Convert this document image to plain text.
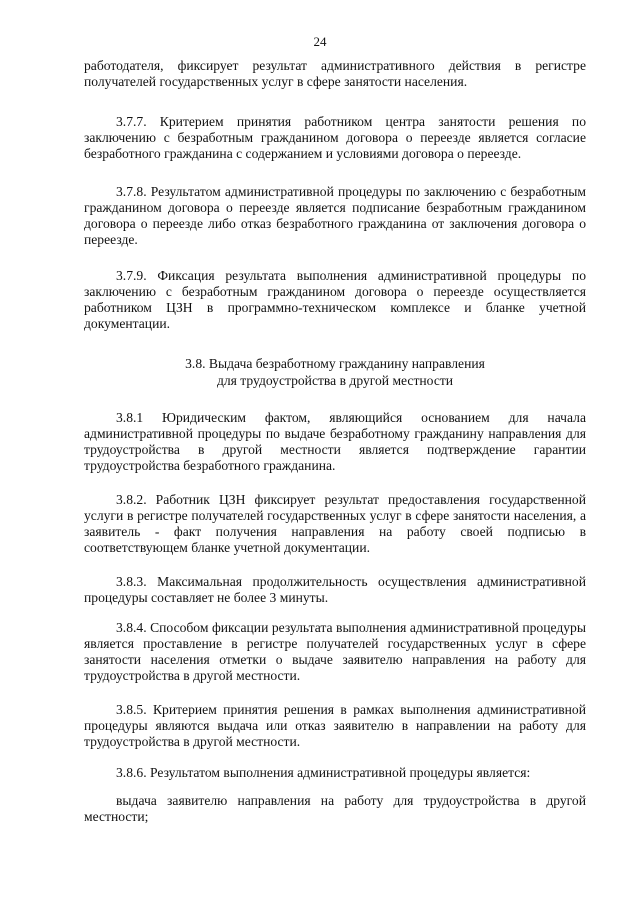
24

работодателя, фиксирует результат административного действия в регистре получателей государственных услуг в сфере занятости населения.

3.7.7. Критерием принятия работником центра занятости решения по заключению с безработным гражданином договора о переезде является согласие безработного гражданина с содержанием и условиями договора о переезде.

3.7.8. Результатом административной процедуры по заключению с безработным гражданином договора о переезде является подписание безработным гражданином договора о переезде либо отказ безработного гражданина от заключения договора о переезде.

3.7.9. Фиксация результата выполнения административной процедуры по заключению с безработным гражданином договора о переезде осуществляется работником ЦЗН в программно-техническом комплексе и бланке учетной документации.

3.8. Выдача безработному гражданину направления
для трудоустройства в другой местности

3.8.1 Юридическим фактом, являющийся основанием для начала административной процедуры по выдаче безработному гражданину направления для трудоустройства в другой местности является подтверждение гарантии трудоустройства безработного гражданина.

3.8.2. Работник ЦЗН фиксирует результат предоставления государственной услуги в регистре получателей государственных услуг в сфере занятости населения, а заявитель - факт получения направления на работу своей подписью в соответствующем бланке учетной документации.

3.8.3. Максимальная продолжительность осуществления административной процедуры составляет не более 3 минуты.

3.8.4. Способом фиксации результата выполнения административной процедуры является проставление в регистре получателей государственных услуг в сфере занятости населения отметки о выдаче заявителю направления на работу для трудоустройства в другой местности.

3.8.5. Критерием принятия решения в рамках выполнения административной процедуры являются выдача или отказ заявителю в направлении на работу для трудоустройства в другой местности.

3.8.6. Результатом выполнения административной процедуры является:

выдача заявителю направления на работу для трудоустройства в другой местности;
